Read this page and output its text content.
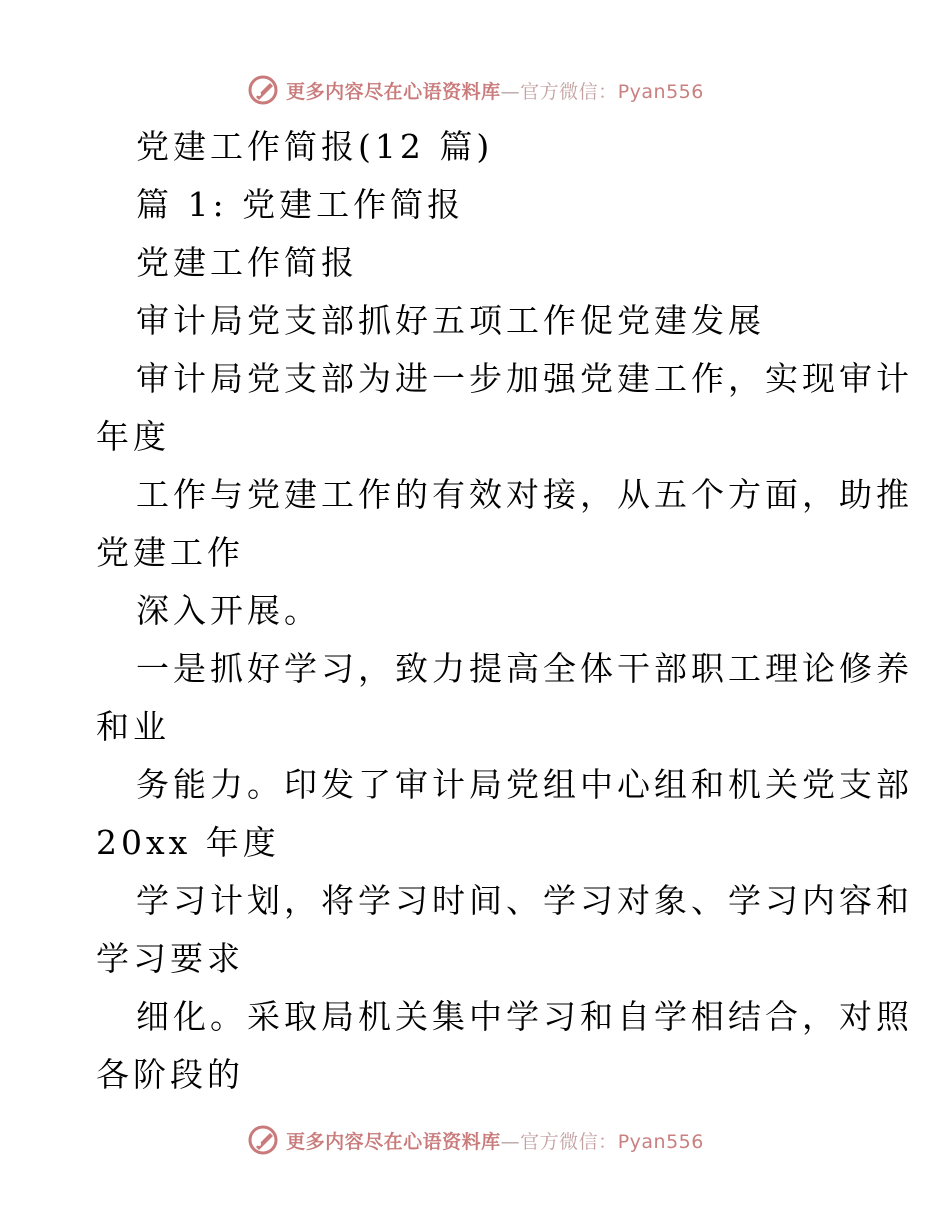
更多内容尽在心语资料库—官方微信：Pyan556
党建工作简报(12 篇)
篇 1: 党建工作简报
党建工作简报
审计局党支部抓好五项工作促党建发展
审计局党支部为进一步加强党建工作，实现审计
年度
工作与党建工作的有效对接，从五个方面，助推
党建工作
深入开展。
一是抓好学习，致力提高全体干部职工理论修养
和业
务能力。印发了审计局党组中心组和机关党支部
20xx 年度
学习计划，将学习时间、学习对象、学习内容和
学习要求
细化。采取局机关集中学习和自学相结合，对照
各阶段的
更多内容尽在心语资料库—官方微信：Pyan556
